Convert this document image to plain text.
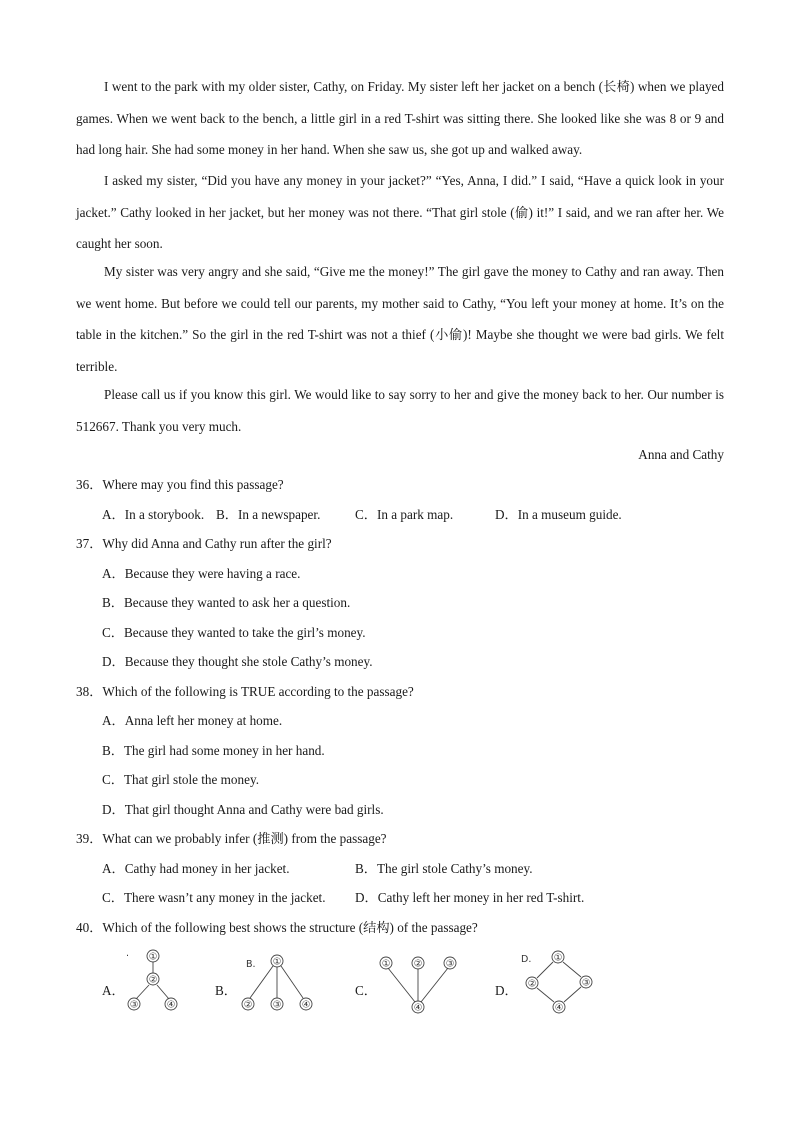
I went to the park with my older sister, Cathy, on Friday. My sister left her jacket on a bench (长椅) when we played games. When we went back to the bench, a little girl in a red T-shirt was sitting there. She looked like she was 8 or 9 and had long hair. She had some money in her hand. When she saw us, she got up and walked away.

I asked my sister, “Did you have any money in your jacket?” “Yes, Anna, I did.” I said, “Have a quick look in your jacket.” Cathy looked in her jacket, but her money was not there. “That girl stole (偷) it!” I said, and we ran after her. We caught her soon.

My sister was very angry and she said, “Give me the money!” The girl gave the money to Cathy and ran away. Then we went home. But before we could tell our parents, my mother said to Cathy, “You left your money at home. It’s on the table in the kitchen.” So the girl in the red T-shirt was not a thief (小偷)! Maybe she thought we were bad girls. We felt terrible.

Please call us if you know this girl. We would like to say sorry to her and give the money back to her. Our number is 512667. Thank you very much.

Anna and Cathy
36．Where may you find this passage?
A．In a storybook. B．In a newspaper.	C．In a park map.	D．In a museum guide.
37．Why did Anna and Cathy run after the girl?
A．Because they were having a race.
B．Because they wanted to ask her a question.
C．Because they wanted to take the girl’s money.
D．Because they thought she stole Cathy’s money.
38．Which of the following is TRUE according to the passage?
A．Anna left her money at home.
B．The girl had some money in her hand.
C．That girl stole the money.
D．That girl thought Anna and Cathy were bad girls.
39．What can we probably infer (推测) from the passage?
A．Cathy had money in her jacket.	B．The girl stole Cathy’s money.
C．There wasn’t any money in the jacket. D．Cathy left her money in her red T-shirt.
40．Which of the following best shows the structure (结构) of the passage?
A．	B．	C．	D．
· ①
②
③	④
B. ①
② ③ ④
① ② ③
④
D. ①
②	③
④
